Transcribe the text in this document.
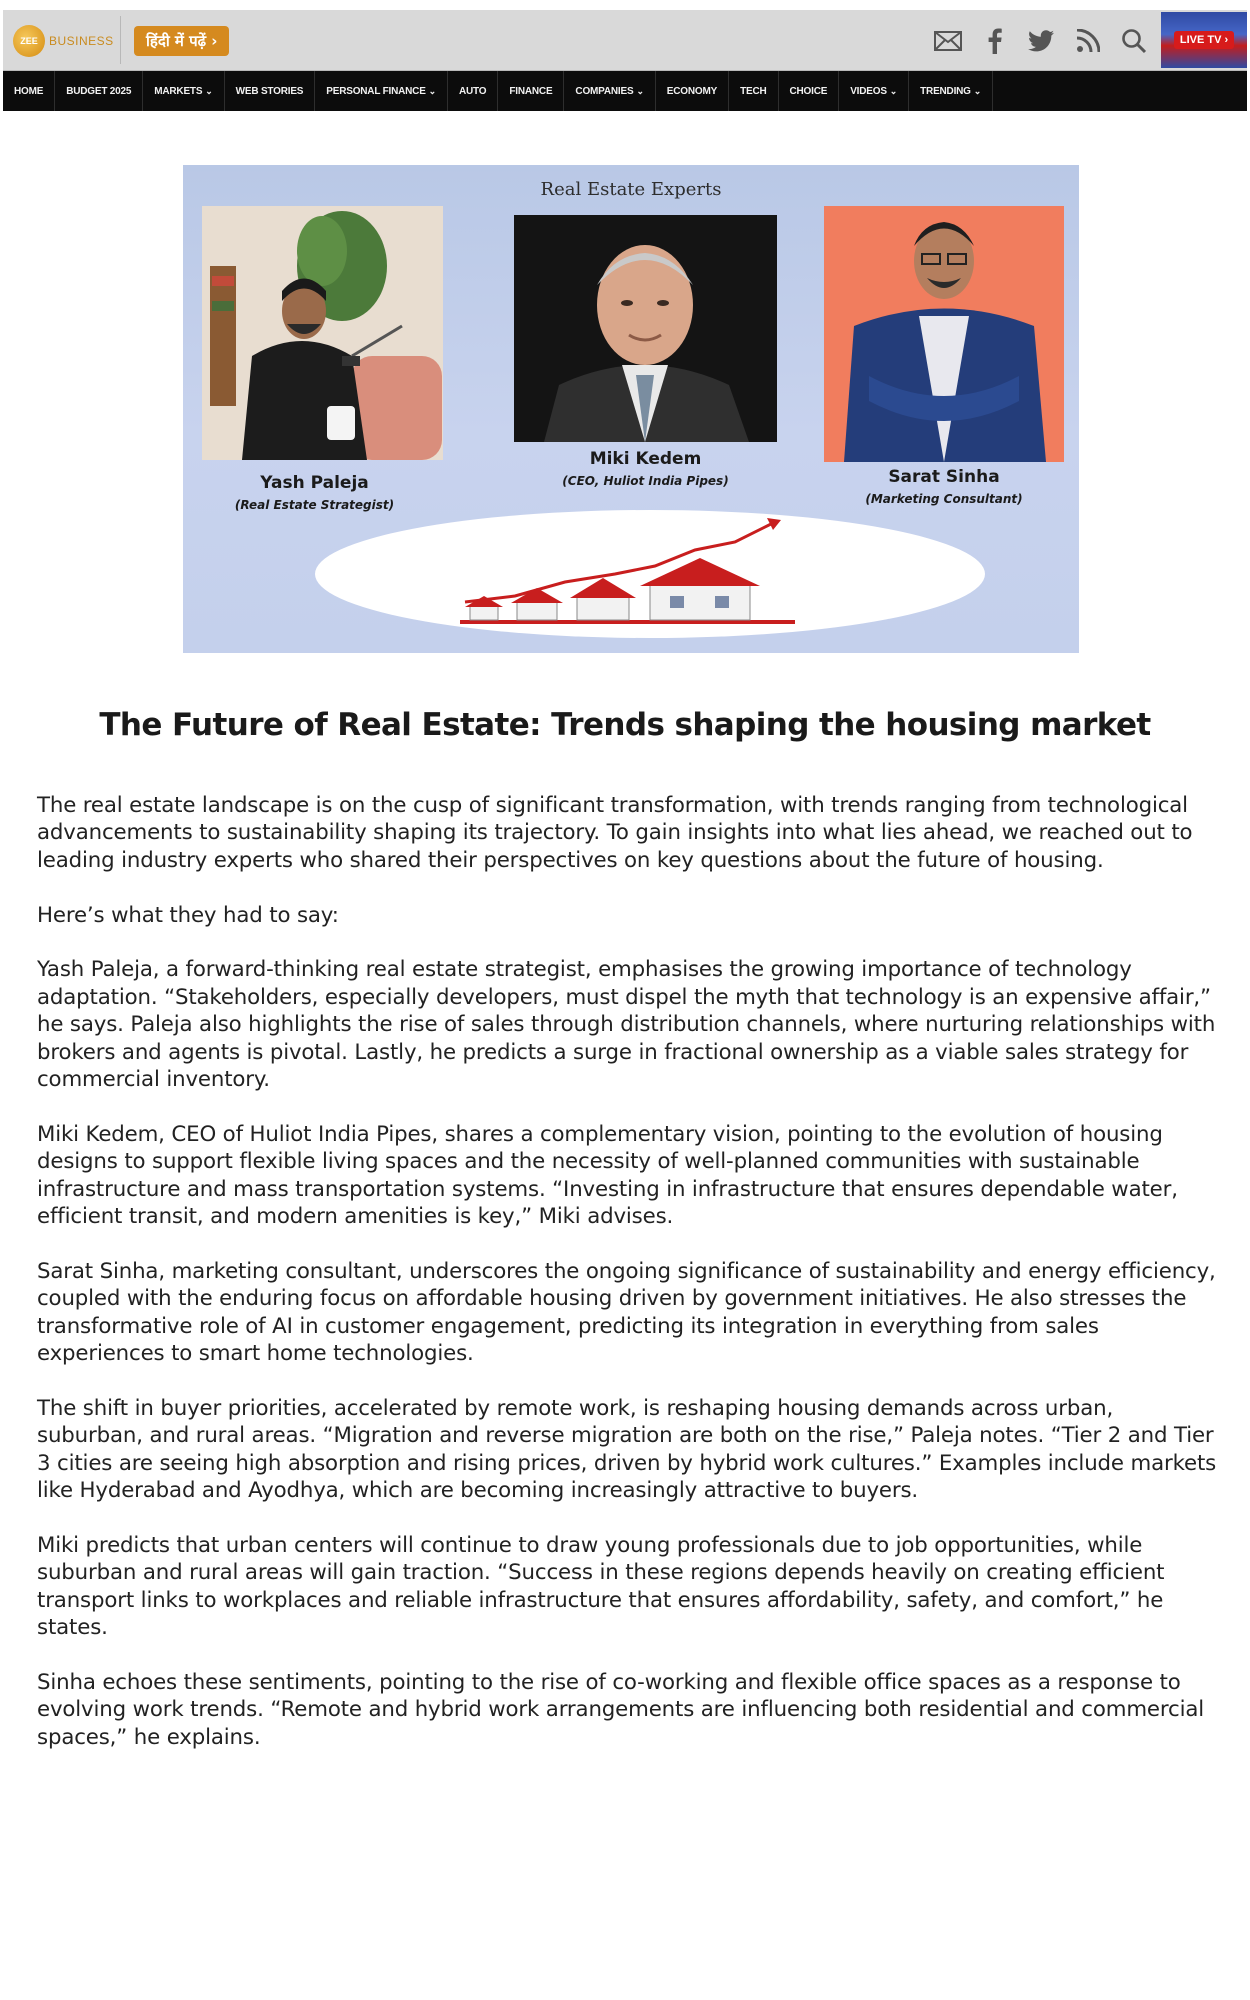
ZEE BUSINESS	हिंदी में पढ़ें ›	LIVE TV ›
HOME BUDGET 2025 MARKETS ⌄ WEB STORIES PERSONAL FINANCE ⌄ AUTO FINANCE COMPANIES ⌄ ECONOMY TECH CHOICE VIDEOS ⌄ TRENDING ⌄
Real Estate Experts
Yash Paleja
(Real Estate Strategist)
Miki Kedem
(CEO, Huliot India Pipes)	Sarat Sinha
(Marketing Consultant)
The Future of Real Estate: Trends shaping the housing market

The real estate landscape is on the cusp of significant transformation, with trends ranging from technological advancements to sustainability shaping its trajectory. To gain insights into what lies ahead, we reached out to leading industry experts who shared their perspectives on key questions about the future of housing.

Here’s what they had to say:

Yash Paleja, a forward-thinking real estate strategist, emphasises the growing importance of technology adaptation. “Stakeholders, especially developers, must dispel the myth that technology is an expensive affair,” he says. Paleja also highlights the rise of sales through distribution channels, where nurturing relationships with brokers and agents is pivotal. Lastly, he predicts a surge in fractional ownership as a viable sales strategy for commercial inventory.

Miki Kedem, CEO of Huliot India Pipes, shares a complementary vision, pointing to the evolution of housing designs to support flexible living spaces and the necessity of well-planned communities with sustainable infrastructure and mass transportation systems. “Investing in infrastructure that ensures dependable water, efficient transit, and modern amenities is key,” Miki advises.

Sarat Sinha, marketing consultant, underscores the ongoing significance of sustainability and energy efficiency, coupled with the enduring focus on affordable housing driven by government initiatives. He also stresses the transformative role of AI in customer engagement, predicting its integration in everything from sales experiences to smart home technologies.

The shift in buyer priorities, accelerated by remote work, is reshaping housing demands across urban, suburban, and rural areas. “Migration and reverse migration are both on the rise,” Paleja notes. “Tier 2 and Tier 3 cities are seeing high absorption and rising prices, driven by hybrid work cultures.” Examples include markets like Hyderabad and Ayodhya, which are becoming increasingly attractive to buyers.

Miki predicts that urban centers will continue to draw young professionals due to job opportunities, while suburban and rural areas will gain traction. “Success in these regions depends heavily on creating efficient transport links to workplaces and reliable infrastructure that ensures affordability, safety, and comfort,” he states.

Sinha echoes these sentiments, pointing to the rise of co-working and flexible office spaces as a response to evolving work trends. “Remote and hybrid work arrangements are influencing both residential and commercial spaces,” he explains.
